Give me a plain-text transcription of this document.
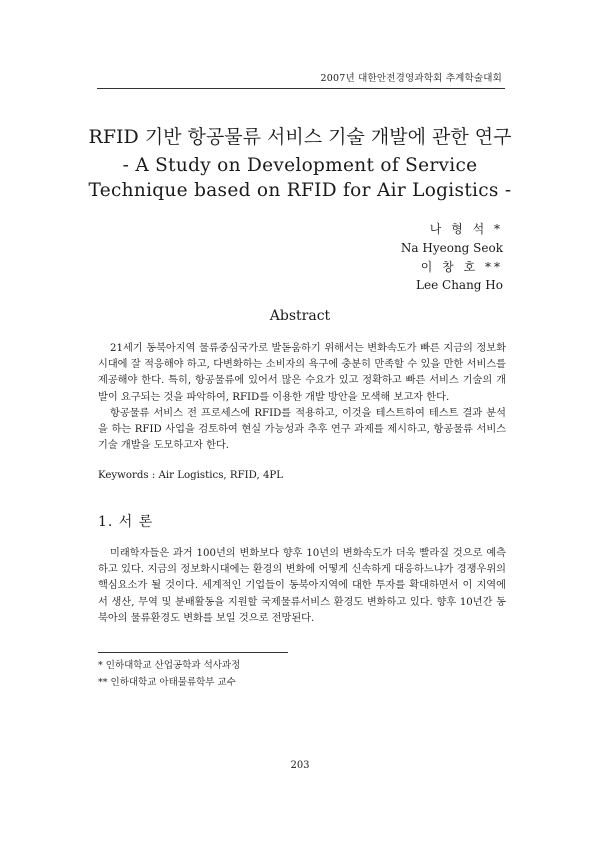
2007년 대한안전경영과학회 추계학술대회
RFID 기반 항공물류 서비스 기술 개발에 관한 연구
- A Study on Development of Service
Technique based on RFID for Air Logistics -
나 형 석 *
Na Hyeong Seok
이 창 호 **
Lee Chang Ho
Abstract

21세기 동북아지역 물류중심국가로 발돋움하기 위해서는 변화속도가 빠른 지금의 정보화시대에 잘 적응해야 하고, 다변화하는 소비자의 욕구에 충분히 만족할 수 있을 만한 서비스를 제공해야 한다. 특히, 항공물류에 있어서 많은 수요가 있고 정확하고 빠른 서비스 기술의 개발이 요구되는 것을 파악하여, RFID를 이용한 개발 방안을 모색해 보고자 한다.

항공물류 서비스 전 프로세스에 RFID를 적용하고, 이것을 테스트하여 테스트 결과 분석을 하는 RFID 사업을 검토하여 현실 가능성과 추후 연구 과제를 제시하고, 항공물류 서비스 기술 개발을 도모하고자 한다.

Keywords : Air Logistics, RFID, 4PL
1. 서 론

미래학자들은 과거 100년의 변화보다 향후 10년의 변화속도가 더욱 빨라질 것으로 예측하고 있다. 지금의 정보화시대에는 환경의 변화에 어떻게 신속하게 대응하느냐가 경쟁우위의 핵심요소가 될 것이다. 세계적인 기업들이 동북아지역에 대한 투자를 확대하면서 이 지역에서 생산, 무역 및 분배활동을 지원할 국제물류서비스 환경도 변화하고 있다. 향후 10년간 동북아의 물류환경도 변화를 보일 것으로 전망된다.

* 인하대학교 산업공학과 석사과정
** 인하대학교 아태물류학부 교수
203
